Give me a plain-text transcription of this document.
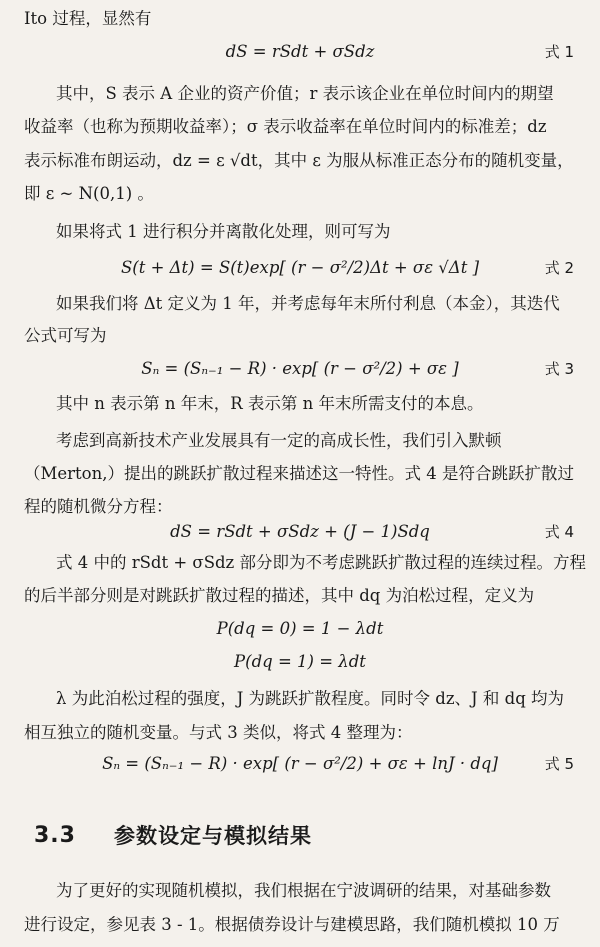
Ito 过程，显然有
dS = rSdt + σSdz	式 1
其中，S 表示 A 企业的资产价值；r 表示该企业在单位时间内的期望
收益率（也称为预期收益率）；σ 表示收益率在单位时间内的标准差；dz
表示标准布朗运动，dz = ε √dt，其中 ε 为服从标准正态分布的随机变量，
即 ε ~ N(0,1) 。
如果将式 1 进行积分并离散化处理，则可写为
S(t + Δt) = S(t)exp[ (r − σ²/2)Δt + σε √Δt ]	式 2
如果我们将 Δt 定义为 1 年，并考虑每年末所付利息（本金），其迭代
公式可写为
Sₙ = (Sₙ₋₁ − R) · exp[ (r − σ²/2) + σε ]	式 3
其中 n 表示第 n 年末，R 表示第 n 年末所需支付的本息。
考虑到高新技术产业发展具有一定的高成长性，我们引入默顿
（Merton,）提出的跳跃扩散过程来描述这一特性。式 4 是符合跳跃扩散过
程的随机微分方程：
dS = rSdt + σSdz + (J − 1)Sdq	式 4
式 4 中的 rSdt + σSdz 部分即为不考虑跳跃扩散过程的连续过程。方程
的后半部分则是对跳跃扩散过程的描述，其中 dq 为泊松过程，定义为
P(dq = 0) = 1 − λdt
P(dq = 1) = λdt
λ 为此泊松过程的强度，J 为跳跃扩散程度。同时令 dz、J 和 dq 均为
相互独立的随机变量。与式 3 类似，将式 4 整理为：
Sₙ = (Sₙ₋₁ − R) · exp[ (r − σ²/2) + σε + lnJ · dq]	式 5
3.3 参数设定与模拟结果
为了更好的实现随机模拟，我们根据在宁波调研的结果，对基础参数
进行设定，参见表 3 - 1。根据债券设计与建模思路，我们随机模拟 10 万
